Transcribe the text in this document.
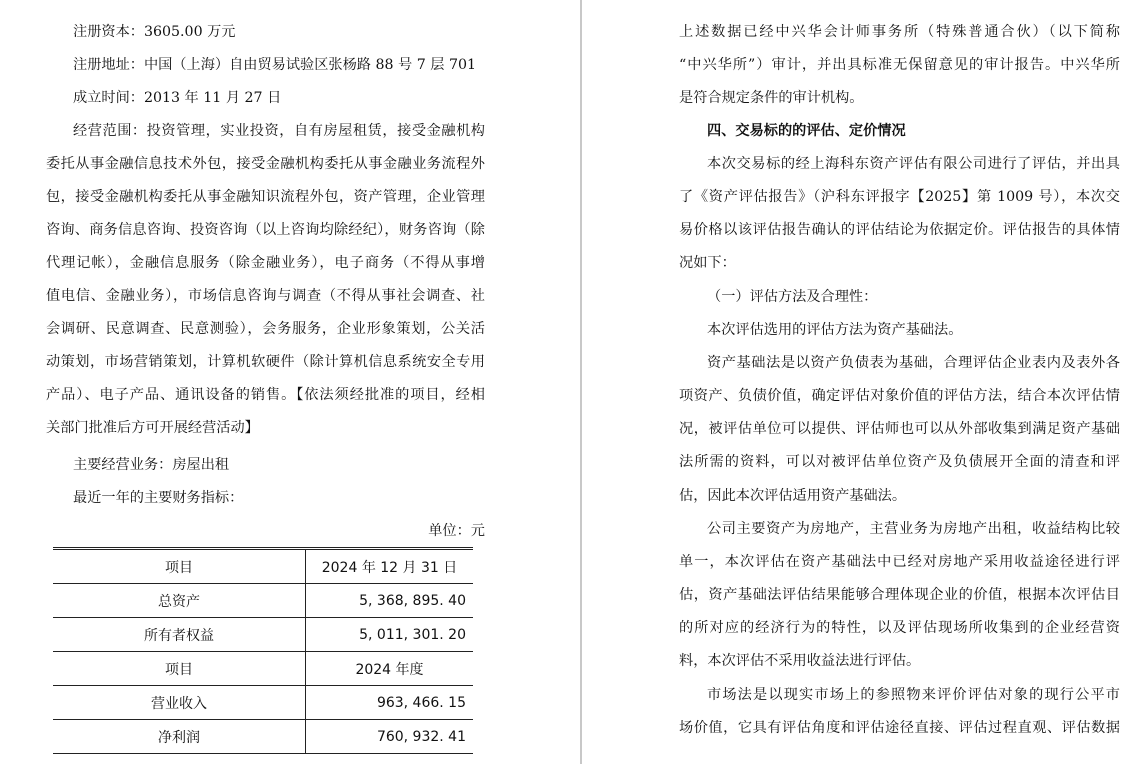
注册资本：3605.00 万元
注册地址：中国（上海）自由贸易试验区张杨路 88 号 7 层 701
成立时间：2013 年 11 月 27 日
经营范围：投资管理，实业投资，自有房屋租赁，接受金融机构
委托从事金融信息技术外包，接受金融机构委托从事金融业务流程外
包，接受金融机构委托从事金融知识流程外包，资产管理，企业管理
咨询、商务信息咨询、投资咨询（以上咨询均除经纪），财务咨询（除
代理记帐），金融信息服务（除金融业务），电子商务（不得从事增
值电信、金融业务），市场信息咨询与调查（不得从事社会调查、社
会调研、民意调查、民意测验），会务服务，企业形象策划，公关活
动策划，市场营销策划，计算机软硬件（除计算机信息系统安全专用
产品）、电子产品、通讯设备的销售。【依法须经批准的项目，经相
关部门批准后方可开展经营活动】
主要经营业务：房屋出租
最近一年的主要财务指标：
单位：元
项目	2024 年 12 月 31 日
总资产	5, 368, 895. 40
所有者权益	5, 011, 301. 20
项目	2024 年度
营业收入	963, 466. 15
净利润	760, 932. 41
上述数据已经中兴华会计师事务所（特殊普通合伙）（以下简称
“中兴华所”）审计，并出具标准无保留意见的审计报告。中兴华所
是符合规定条件的审计机构。
四、交易标的的评估、定价情况
本次交易标的经上海科东资产评估有限公司进行了评估，并出具
了《资产评估报告》（沪科东评报字【2025】第 1009 号），本次交
易价格以该评估报告确认的评估结论为依据定价。评估报告的具体情
况如下：
（一）评估方法及合理性：
本次评估选用的评估方法为资产基础法。
资产基础法是以资产负债表为基础，合理评估企业表内及表外各
项资产、负债价值，确定评估对象价值的评估方法，结合本次评估情
况，被评估单位可以提供、评估师也可以从外部收集到满足资产基础
法所需的资料，可以对被评估单位资产及负债展开全面的清查和评
估，因此本次评估适用资产基础法。
公司主要资产为房地产，主营业务为房地产出租，收益结构比较
单一，本次评估在资产基础法中已经对房地产采用收益途径进行评
估，资产基础法评估结果能够合理体现企业的价值，根据本次评估目
的所对应的经济行为的特性，以及评估现场所收集到的企业经营资
料，本次评估不采用收益法进行评估。
市场法是以现实市场上的参照物来评价评估对象的现行公平市
场价值，它具有评估角度和评估途径直接、评估过程直观、评估数据
